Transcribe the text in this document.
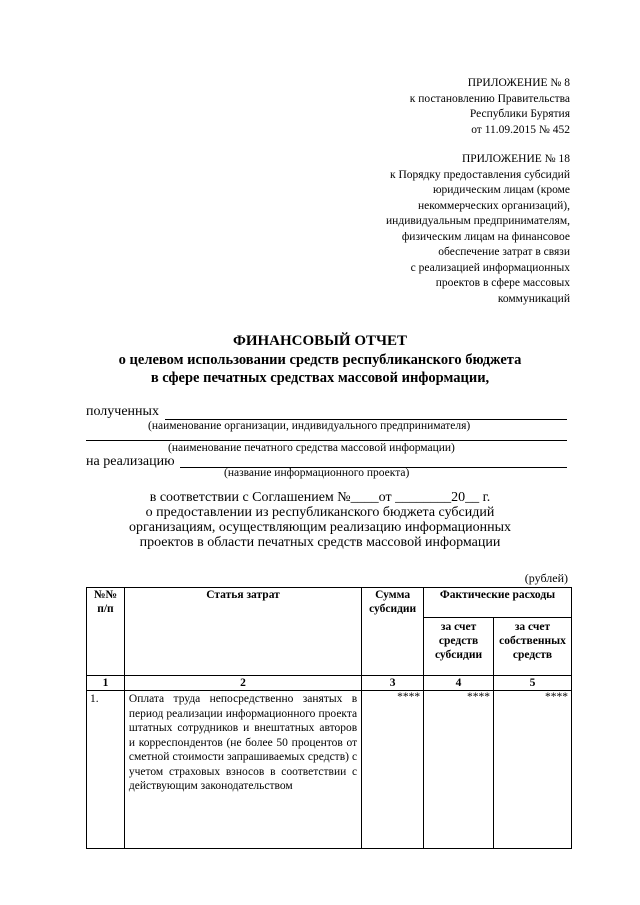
ПРИЛОЖЕНИЕ № 8
к постановлению Правительства
Республики Бурятия
от 11.09.2015 № 452
ПРИЛОЖЕНИЕ № 18
к Порядку предоставления субсидий
юридическим лицам (кроме
некоммерческих организаций),
индивидуальным предпринимателям,
физическим лицам на финансовое
обеспечение затрат в связи
с реализацией информационных
проектов в сфере массовых
коммуникаций
ФИНАНСОВЫЙ ОТЧЕТ
о целевом использовании средств республиканского бюджета
в сфере печатных средствах массовой информации,
полученных
(наименование организации, индивидуального предпринимателя)
(наименование печатного средства массовой информации)
на реализацию
(название информационного проекта)
в соответствии с Соглашением №____от ________20__ г.
о предоставлении из республиканского бюджета субсидий
организациям, осуществляющим реализацию информационных
проектов в области печатных средств массовой информации
(рублей)
№№ п/п	Статья затрат	Сумма субсидии	Фактические расходы	
			за счет средств субсидии	за счет собственных средств
1	2	3	4	5
1.	Оплата труда непосредственно занятых в период реализации информационного проекта штатных сотрудников и внештатных авторов и корреспондентов (не более 50 процентов от сметной стоимости запрашиваемых средств) с учетом страховых взносов в соответствии с действующим законодательством	****	****	****
